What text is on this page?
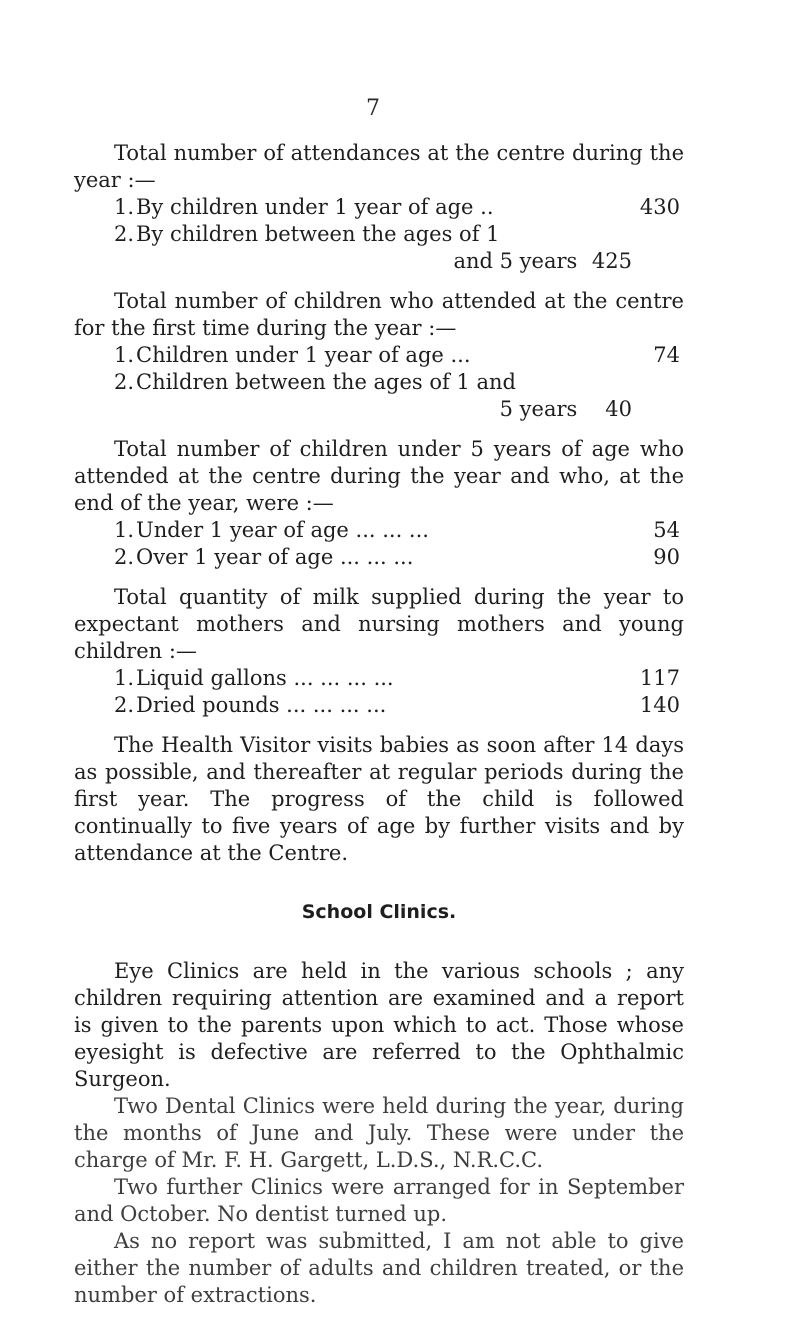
7

Total number of attendances at the centre during the year :—

1. By children under 1 year of age ..	430
2. By children between the ages of 1
and 5 years 425

Total number of children who attended at the centre for the first time during the year :—

1. Children under 1 year of age ...	74
2. Children between the ages of 1 and
5 years 40

Total number of children under 5 years of age who attended at the centre during the year and who, at the end of the year, were :—

1. Under 1 year of age ... ... ...	54
2. Over 1 year of age ... ... ...	90

Total quantity of milk supplied during the year to expectant mothers and nursing mothers and young children :—

1. Liquid gallons ... ... ... ...	117
2. Dried pounds ... ... ... ...	140

The Health Visitor visits babies as soon after 14 days as possible, and thereafter at regular periods during the first year. The progress of the child is followed continually to five years of age by further visits and by attendance at the Centre.

School Clinics.

Eye Clinics are held in the various schools ; any children requiring attention are examined and a report is given to the parents upon which to act. Those whose eyesight is defective are referred to the Ophthalmic Surgeon.

Two Dental Clinics were held during the year, during the months of June and July. These were under the charge of Mr. F. H. Gargett, L.D.S., N.R.C.C.

Two further Clinics were arranged for in September and October. No dentist turned up.

As no report was submitted, I am not able to give either the number of adults and children treated, or the number of extractions.
